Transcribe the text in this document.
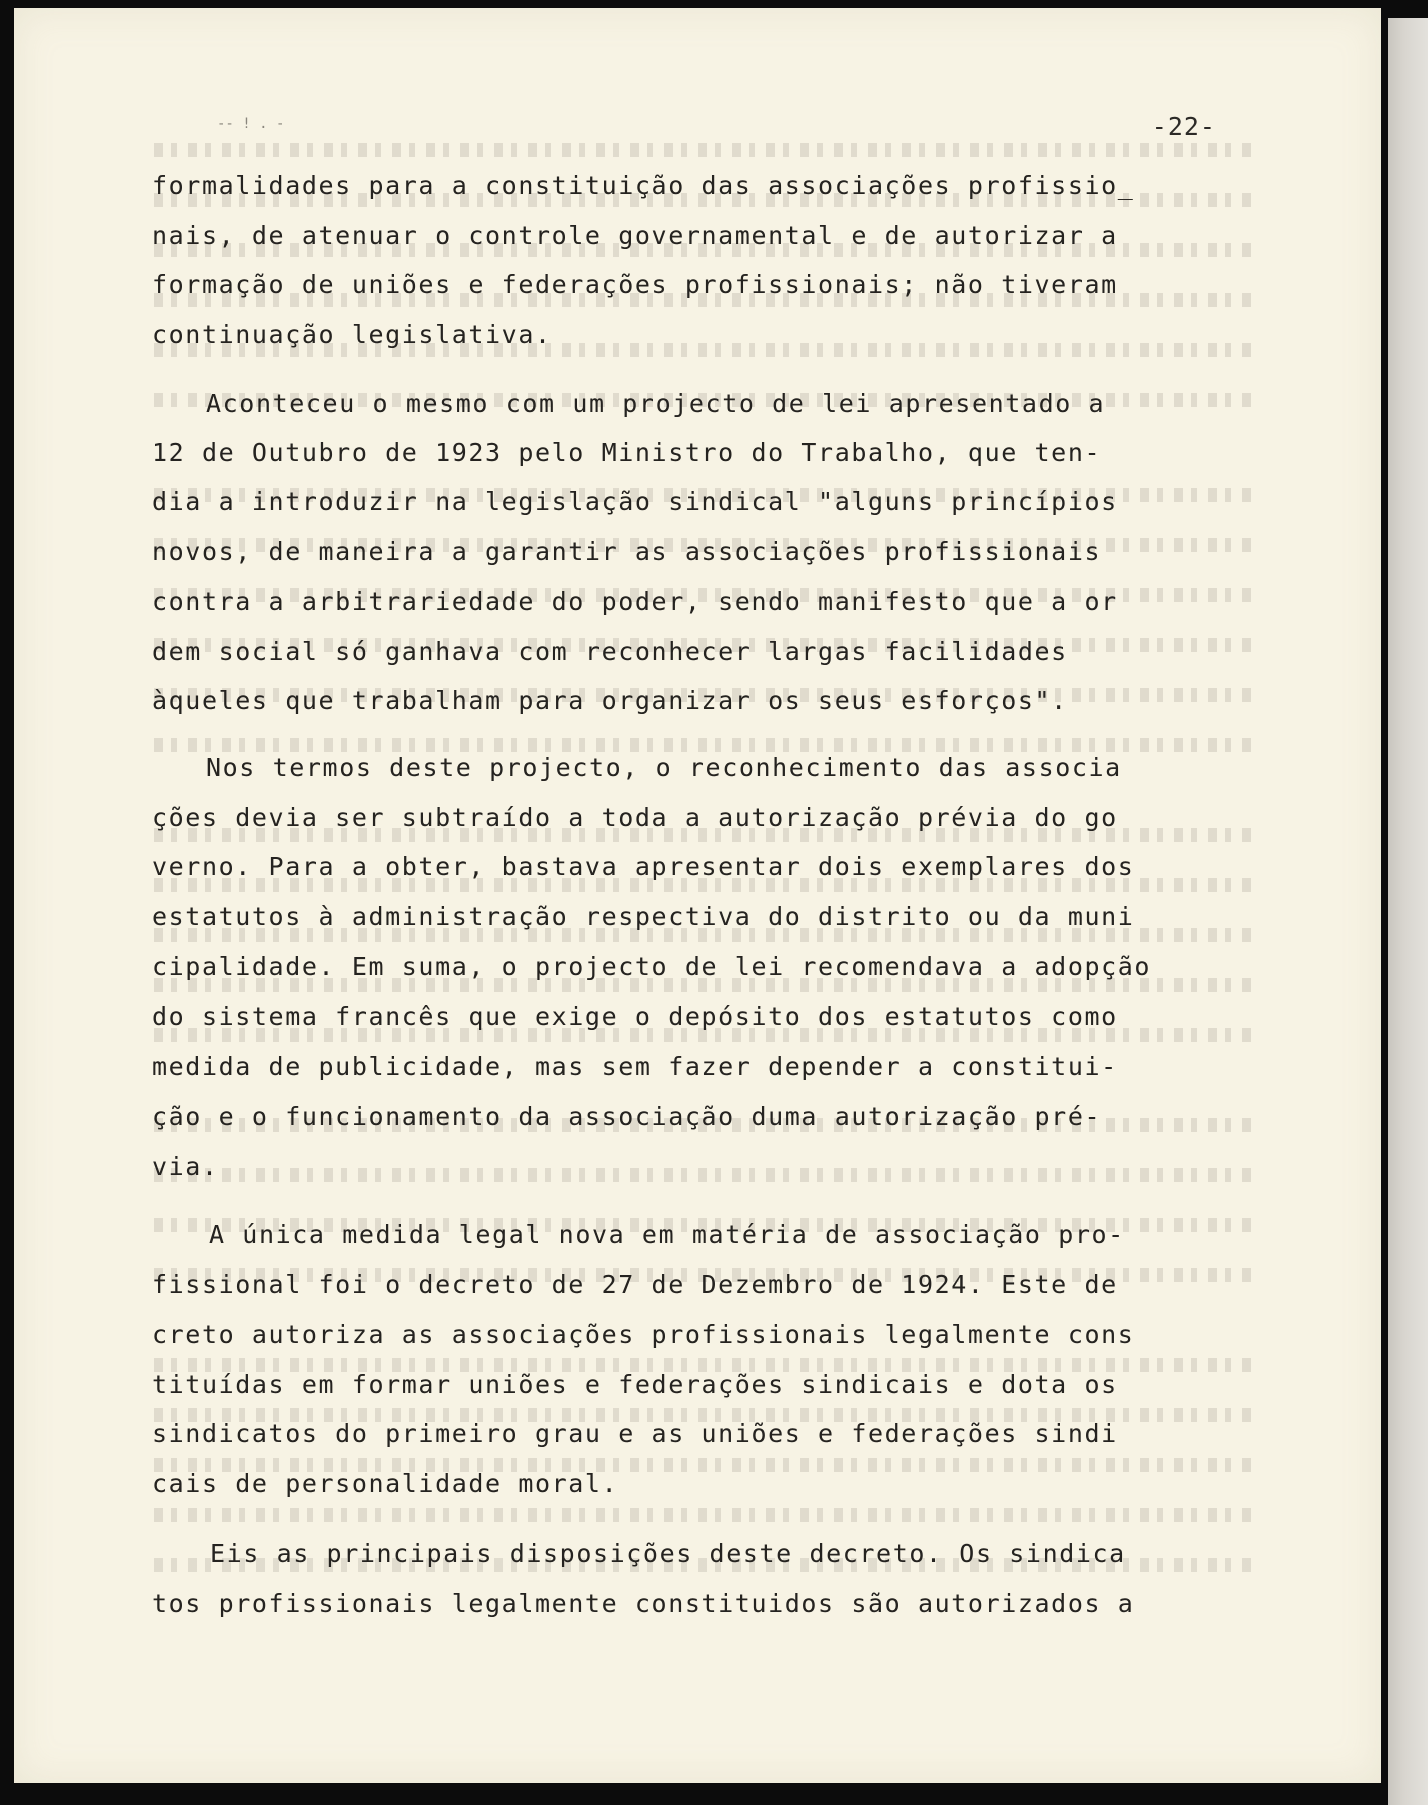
-- ! . -	-22-

formalidades para a constituição das associações profissio_

nais, de atenuar o controle governamental e de autorizar a

formação de uniões e federações profissionais; não tiveram

continuação legislativa.

Aconteceu o mesmo com um projecto de lei apresentado a

12 de Outubro de 1923 pelo Ministro do Trabalho, que ten-

dia a introduzir na legislação sindical "alguns princípios

novos, de maneira a garantir as associações profissionais

contra a arbitrariedade do poder, sendo manifesto que a or

dem social só ganhava com reconhecer largas facilidades

àqueles que trabalham para organizar os seus esforços".

Nos termos deste projecto, o reconhecimento das associa

ções devia ser subtraído a toda a autorização prévia do go

verno. Para a obter, bastava apresentar dois exemplares dos

estatutos à administração respectiva do distrito ou da muni

cipalidade. Em suma, o projecto de lei recomendava a adopção

do sistema francês que exige o depósito dos estatutos como

medida de publicidade, mas sem fazer depender a constitui-

ção e o funcionamento da associação duma autorização pré-

via.

A única medida legal nova em matéria de associação pro-

fissional foi o decreto de 27 de Dezembro de 1924. Este de

creto autoriza as associações profissionais legalmente cons

tituídas em formar uniões e federações sindicais e dota os

sindicatos do primeiro grau e as uniões e federações sindi

cais de personalidade moral.

Eis as principais disposições deste decreto. Os sindica

tos profissionais legalmente constituidos são autorizados a
